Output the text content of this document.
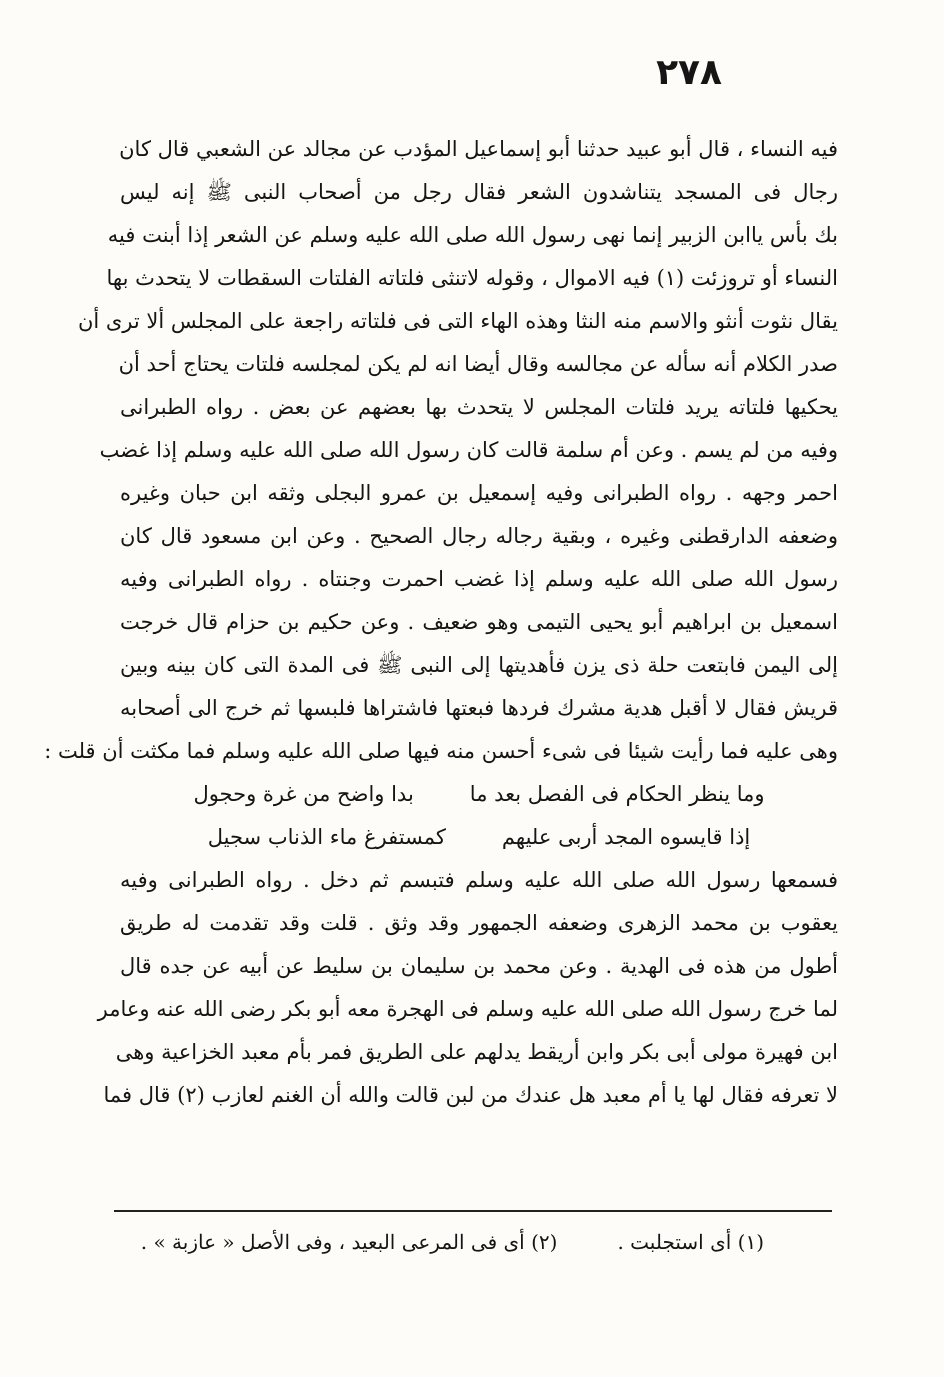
٢٧٨
فيه النساء ، قال أبو عبيد حدثنا أبو إسماعيل المؤدب عن مجالد عن الشعبي قال كان
رجال فى المسجد يتناشدون الشعر فقال رجل من أصحاب النبى ﷺ إنه ليس
بك بأس ياابن الزبير إنما نهى رسول الله صلى الله عليه وسلم عن الشعر إذا أبنت فيه
النساء أو تروزئت (١) فيه الاموال ، وقوله لاتنثى فلتاته الفلتات السقطات لا يتحدث بها
يقال نثوت أنثو والاسم منه النثا وهذه الهاء التى فى فلتاته راجعة على المجلس ألا ترى أن
صدر الكلام أنه سأله عن مجالسه وقال أيضا انه لم يكن لمجلسه فلتات يحتاج أحد أن
يحكيها فلتاته يريد فلتات المجلس لا يتحدث بها بعضهم عن بعض . رواه الطبرانى
وفيه من لم يسم . وعن أم سلمة قالت كان رسول الله صلى الله عليه وسلم إذا غضب
احمر وجهه . رواه الطبرانى وفيه إسمعيل بن عمرو البجلى وثقه ابن حبان وغيره
وضعفه الدارقطنى وغيره ، وبقية رجاله رجال الصحيح . وعن ابن مسعود قال كان
رسول الله صلى الله عليه وسلم إذا غضب احمرت وجنتاه . رواه الطبرانى وفيه
اسمعيل بن ابراهيم أبو يحيى التيمى وهو ضعيف . وعن حكيم بن حزام قال خرجت
إلى اليمن فابتعت حلة ذى يزن فأهديتها إلى النبى ﷺ فى المدة التى كان بينه وبين
قريش فقال لا أقبل هدية مشرك فردها فبعتها فاشتراها فلبسها ثم خرج الى أصحابه
وهى عليه فما رأيت شيئا فى شىء أحسن منه فيها صلى الله عليه وسلم فما مكثت أن قلت :
وما ينظر الحكام فى الفصل بعد ما
بدا واضح من غرة وحجول
إذا قايسوه المجد أربى عليهم
كمستفرغ ماء الذناب سجيل
فسمعها رسول الله صلى الله عليه وسلم فتبسم ثم دخل . رواه الطبرانى وفيه
يعقوب بن محمد الزهرى وضعفه الجمهور وقد وثق . قلت وقد تقدمت له طريق
أطول من هذه فى الهدية . وعن محمد بن سليمان بن سليط عن أبيه عن جده قال
لما خرج رسول الله صلى الله عليه وسلم فى الهجرة معه أبو بكر رضى الله عنه وعامر
ابن فهيرة مولى أبى بكر وابن أريقط يدلهم على الطريق فمر بأم معبد الخزاعية وهى
لا تعرفه فقال لها يا أم معبد هل عندك من لبن قالت والله أن الغنم لعازب (٢) قال فما
(١) أى استجلبت .
(٢) أى فى المرعى البعيد ، وفى الأصل « عازبة » .
